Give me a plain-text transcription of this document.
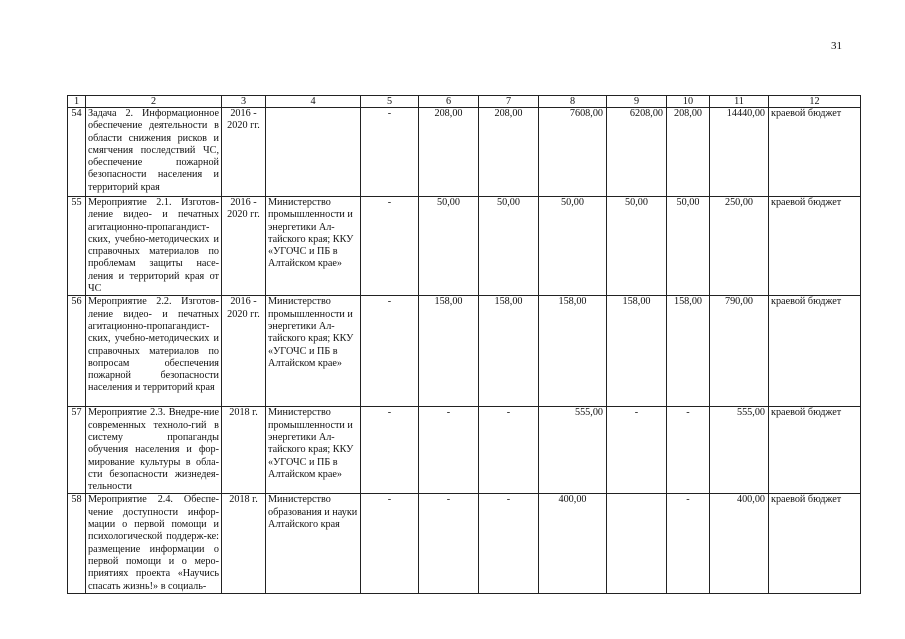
31
1	2	3	4	5	6	7	8	9	10	11	12
54	Задача 2. Информационное обеспечение деятельности в области снижения рисков и смягчения последствий ЧС, обеспечение пожарной безопасности населения и территорий края	2016 - 2020 гг.		-	208,00	208,00	7608,00	6208,00	208,00	14440,00	краевой бюджет
55	Мероприятие 2.1. Изготов-ление видео- и печатных агитационно-пропагандист-ских, учебно-методических и справочных материалов по проблемам защиты насе-ления и территорий края от ЧС	2016 - 2020 гг.	Министерство промышленности и энергетики Ал-тайского края; ККУ «УГОЧС и ПБ в Алтайском крае»	-	50,00	50,00	50,00	50,00	50,00	250,00	краевой бюджет
56	Мероприятие 2.2. Изготов-ление видео- и печатных агитационно-пропагандист-ских, учебно-методических и справочных материалов по вопросам обеспечения пожарной безопасности населения и территорий края	2016 - 2020 гг.	Министерство промышленности и энергетики Ал-тайского края; ККУ «УГОЧС и ПБ в Алтайском крае»	-	158,00	158,00	158,00	158,00	158,00	790,00	краевой бюджет
57	Мероприятие 2.3. Внедре-ние современных техноло-гий в систему пропаганды обучения населения и фор-мирование культуры в обла-сти безопасности жизнедея-тельности	2018 г.	Министерство промышленности и энергетики Ал-тайского края; ККУ «УГОЧС и ПБ в Алтайском крае»	-	-	-	555,00	-	-	555,00	краевой бюджет
58	Мероприятие 2.4. Обеспе-чение доступности инфор-мации о первой помощи и психологической поддерж-ке: размещение информации о первой помощи и о меро-приятиях проекта «Научись спасать жизнь!» в социаль-	2018 г.	Министерство образования и науки Алтайского края	-	-	-	400,00		-	400,00	краевой бюджет
